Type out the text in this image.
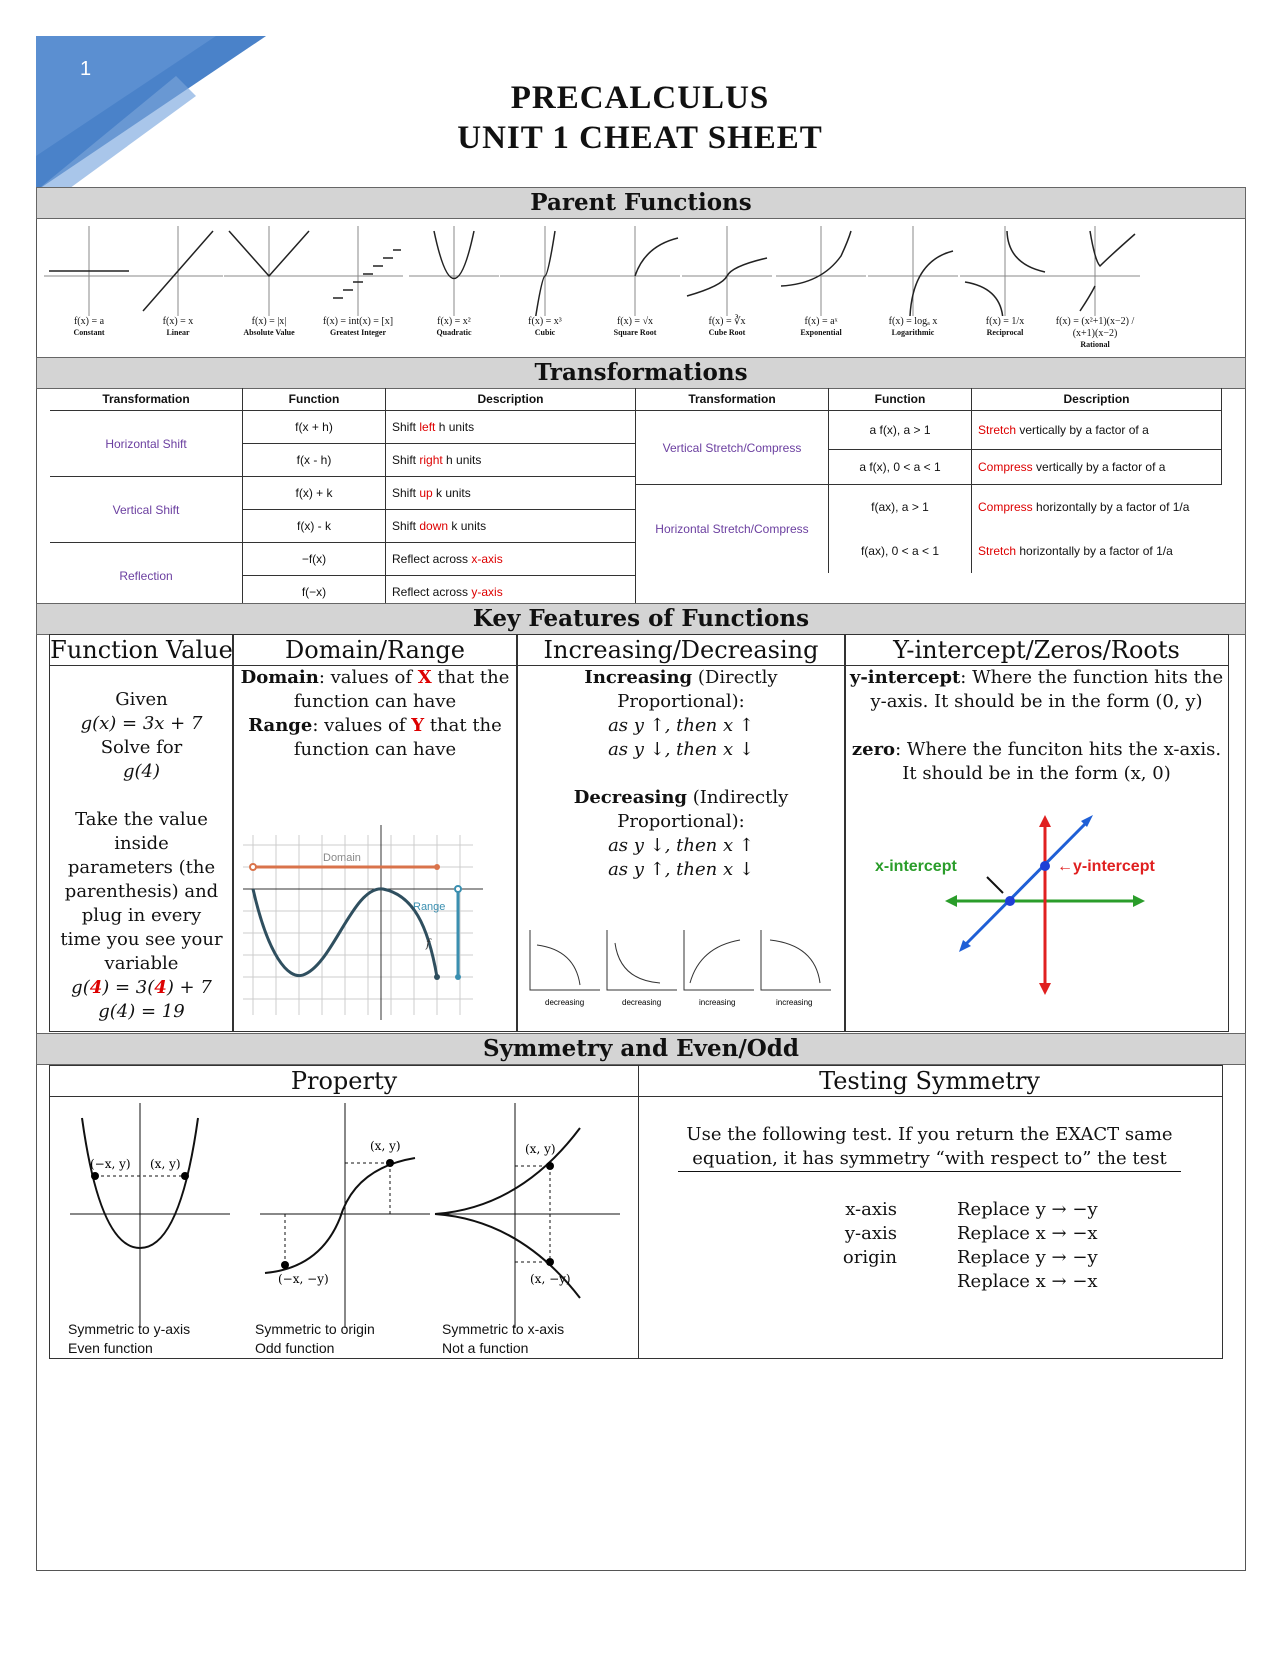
1
PRECALCULUS
UNIT 1 CHEAT SHEET
Parent Functions
f(x) = a
Constant
f(x) = x
Linear
f(x) = |x|
Absolute Value
f(x) = int(x) = [x]
Greatest Integer
f(x) = x²
Quadratic
f(x) = x³
Cubic
f(x) = √x
Square Root
f(x) = ∛x
Cube Root
f(x) = aˣ
Exponential
f(x) = logₐ x
Logarithmic
f(x) = 1/x
Reciprocal
f(x) = (x²+1)(x−2) / (x+1)(x−2)
Rational
Transformations
Transformation	Function	Description
Horizontal Shift	f(x + h)	Shift left h units
	f(x - h)	Shift right h units
Vertical Shift	f(x) + k	Shift up k units
	f(x) - k	Shift down k units
Reflection	−f(x)	Reflect across x-axis
	f(−x)	Reflect across y-axis
Transformation	Function	Description
Vertical Stretch/Compress	a f(x), a > 1	Stretch vertically by a factor of a
	a f(x), 0 < a < 1	Compress vertically by a factor of a
Horizontal Stretch/Compress	f(ax), a > 1	Compress horizontally by a factor of 1/a
	f(ax), 0 < a < 1	Stretch horizontally by a factor of 1/a
Key Features of Functions
Function Value
Given
g(x) = 3x + 7
Solve for
g(4)

Take the value
inside
parameters (the
parenthesis) and
plug in every
time you see your
variable
g(4) = 3(4) + 7
g(4) = 19
Domain/Range
Domain: values of X that the
function can have
Range: values of Y that the
function can have
Domain
Range
f
Increasing/Decreasing
Increasing (Directly
Proportional):
as y ↑, then x ↑
as y ↓, then x ↓
Decreasing (Indirectly
Proportional):
as y ↓, then x ↑
as y ↑, then x ↓
decreasing	decreasing	increasing	increasing
Y-intercept/Zeros/Roots
y-intercept: Where the function hits the
y-axis. It should be in the form (0, y)
zero: Where the funciton hits the x-axis.
It should be in the form (x, 0)
x-intercept	←y-intercept
Symmetry and Even/Odd
Property
(−x, y) (x, y)
(x, y)
(−x, −y)
(x, y)
(x, −y)
Symmetric to y-axis
Even function
Symmetric to origin
Odd function
Symmetric to x-axis
Not a function
Testing Symmetry
Use the following test. If you return the EXACT same
equation, it has symmetry “with respect to” the test
x-axis	Replace y → −y
y-axis	Replace x → −x
origin	Replace y → −y
Replace x → −x
